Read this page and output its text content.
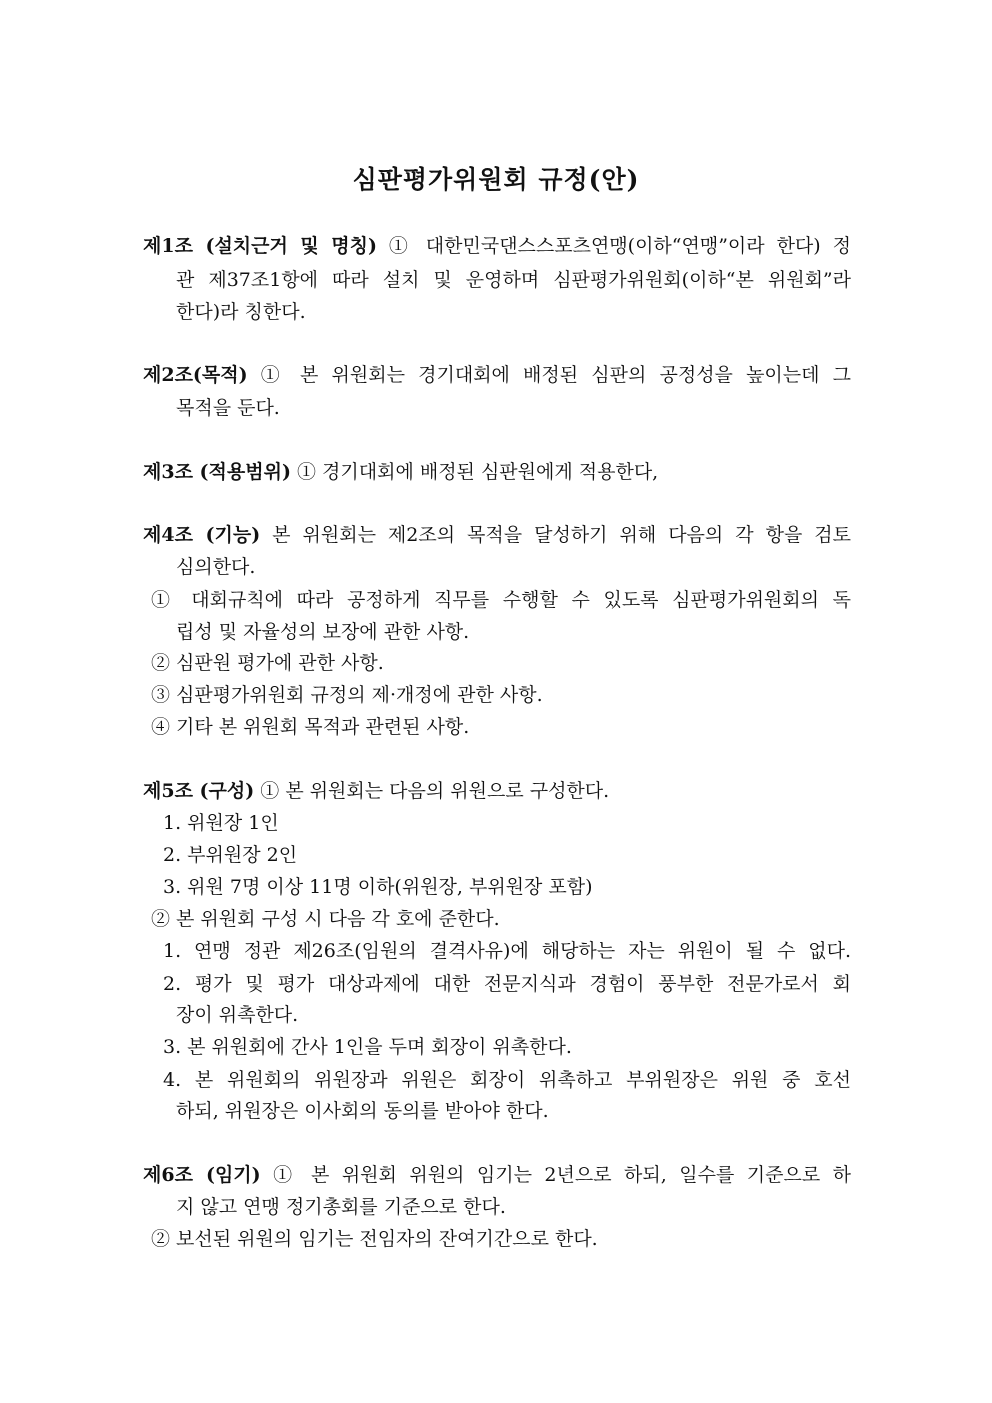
심판평가위원회 규정(안)
제1조 (설치근거 및 명칭) ① 대한민국댄스스포츠연맹(이하“연맹”이라 한다) 정
관 제37조1항에 따라 설치 및 운영하며 심판평가위원회(이하“본 위원회”라
한다)라 칭한다.
제2조(목적) ① 본 위원회는 경기대회에 배정된 심판의 공정성을 높이는데 그
목적을 둔다.
제3조 (적용범위) ① 경기대회에 배정된 심판원에게 적용한다,
제4조 (기능) 본 위원회는 제2조의 목적을 달성하기 위해 다음의 각 항을 검토
심의한다.
① 대회규칙에 따라 공정하게 직무를 수행할 수 있도록 심판평가위원회의 독
립성 및 자율성의 보장에 관한 사항.
② 심판원 평가에 관한 사항.
③ 심판평가위원회 규정의 제·개정에 관한 사항.
④ 기타 본 위원회 목적과 관련된 사항.
제5조 (구성) ① 본 위원회는 다음의 위원으로 구성한다.
1. 위원장 1인
2. 부위원장 2인
3. 위원 7명 이상 11명 이하(위원장, 부위원장 포함)
② 본 위원회 구성 시 다음 각 호에 준한다.
1. 연맹 정관 제26조(임원의 결격사유)에 해당하는 자는 위원이 될 수 없다.
2. 평가 및 평가 대상과제에 대한 전문지식과 경험이 풍부한 전문가로서 회
장이 위촉한다.
3. 본 위원회에 간사 1인을 두며 회장이 위촉한다.
4. 본 위원회의 위원장과 위원은 회장이 위촉하고 부위원장은 위원 중 호선
하되, 위원장은 이사회의 동의를 받아야 한다.
제6조 (임기) ① 본 위원회 위원의 임기는 2년으로 하되, 일수를 기준으로 하
지 않고 연맹 정기총회를 기준으로 한다.
② 보선된 위원의 임기는 전임자의 잔여기간으로 한다.
